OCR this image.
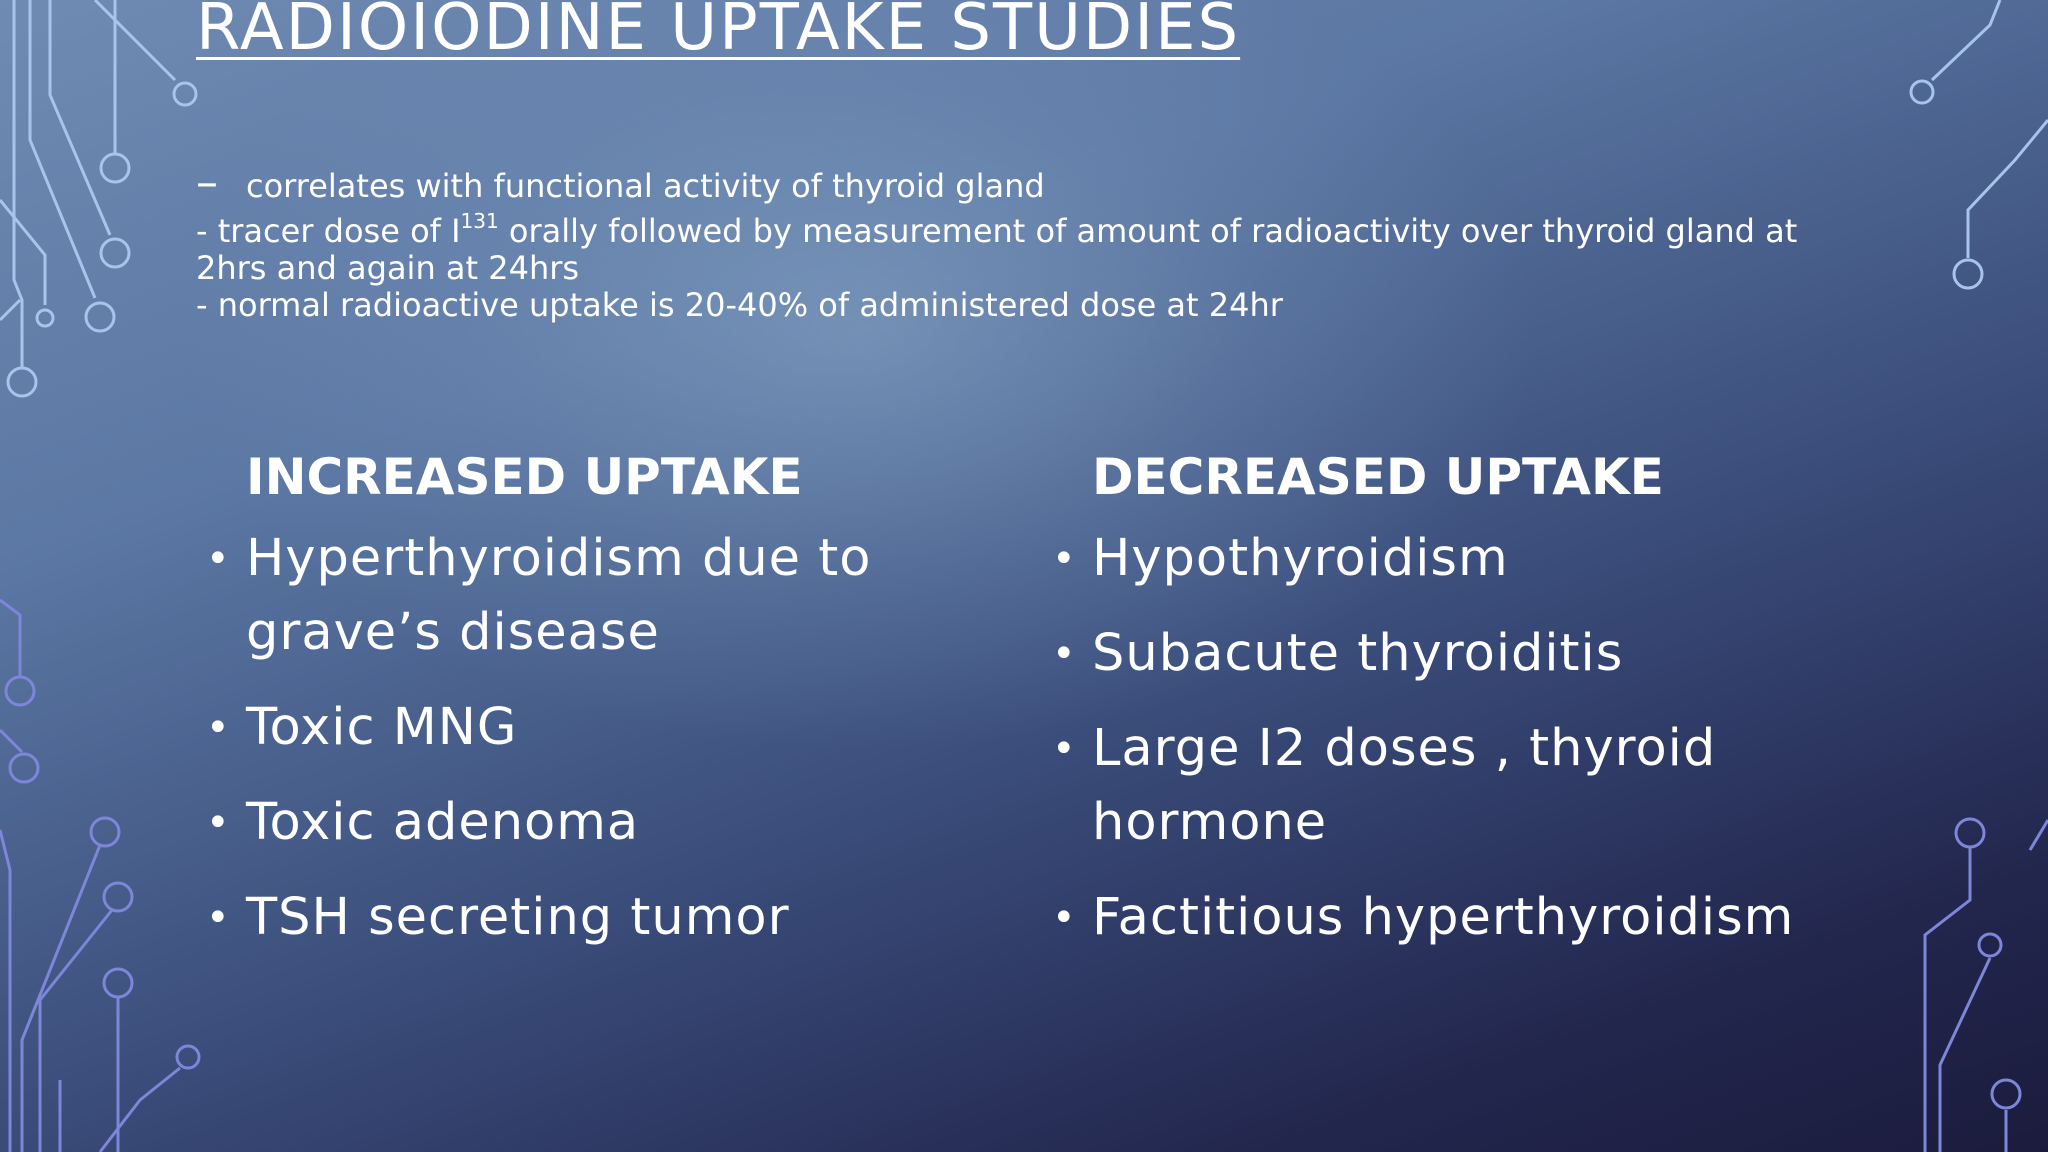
RADIOIODINE UPTAKE STUDIES
– correlates with functional activity of thyroid gland

- tracer dose of $I^{131}$ orally followed by measurement of amount of radioactivity over thyroid gland at 2hrs and again at 24hrs

- normal radioactive uptake is 20-40% of administered dose at 24hr

INCREASED UPTAKE
• Hyperthyroidism due to grave’s disease
• Toxic MNG
• Toxic adenoma
• TSH secreting tumor
DECREASED UPTAKE
• Hypothyroidism
• Subacute thyroiditis
• Large I2 doses , thyroid hormone
• Factitious hyperthyroidism
